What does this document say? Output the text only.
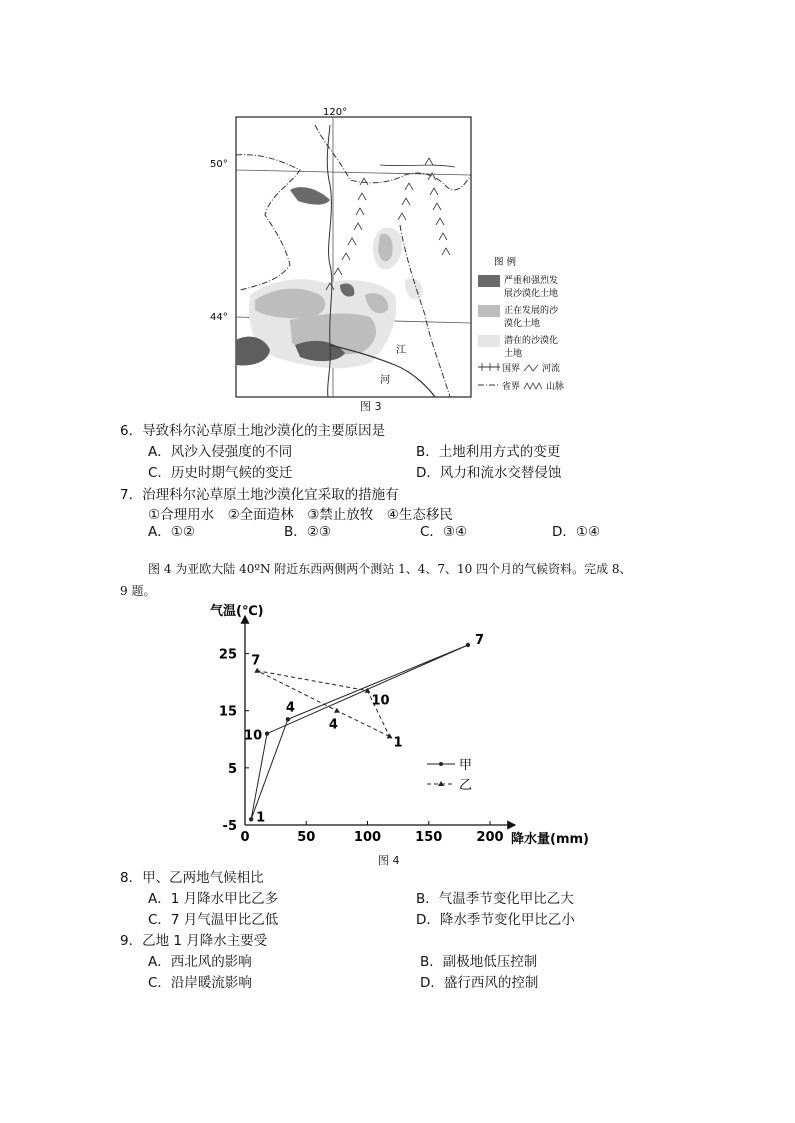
120°
50°
44°
江
河
图 例
严重和强烈发
展沙漠化土地
正在发展的沙
漠化土地
潜在的沙漠化
土地
国界 河流
省界	山脉
图 3
6．导致科尔沁草原土地沙漠化的主要原因是
A．风沙入侵强度的不同	B．土地利用方式的变更
C．历史时期气候的变迁	D．风力和流水交替侵蚀
7．治理科尔沁草原土地沙漠化宜采取的措施有
①合理用水　②全面造林　③禁止放牧　④生态移民
A．①②	B．②③	C．③④	D．①④
图 4 为亚欧大陆 40ºN 附近东西两侧两个测站 1、4、7、10 四个月的气候资料。完成 8、
9 题。
气温(℃)
降水量(mm)
0	50	100	150	200
25
15
5
-5
1
4
7
10	1
4
7
10
甲
乙
图 4
8．甲、乙两地气候相比
A．1 月降水甲比乙多	B．气温季节变化甲比乙大
C．7 月气温甲比乙低	D．降水季节变化甲比乙小
9．乙地 1 月降水主要受
A．西北风的影响	B．副极地低压控制
C．沿岸暖流影响	D．盛行西风的控制
